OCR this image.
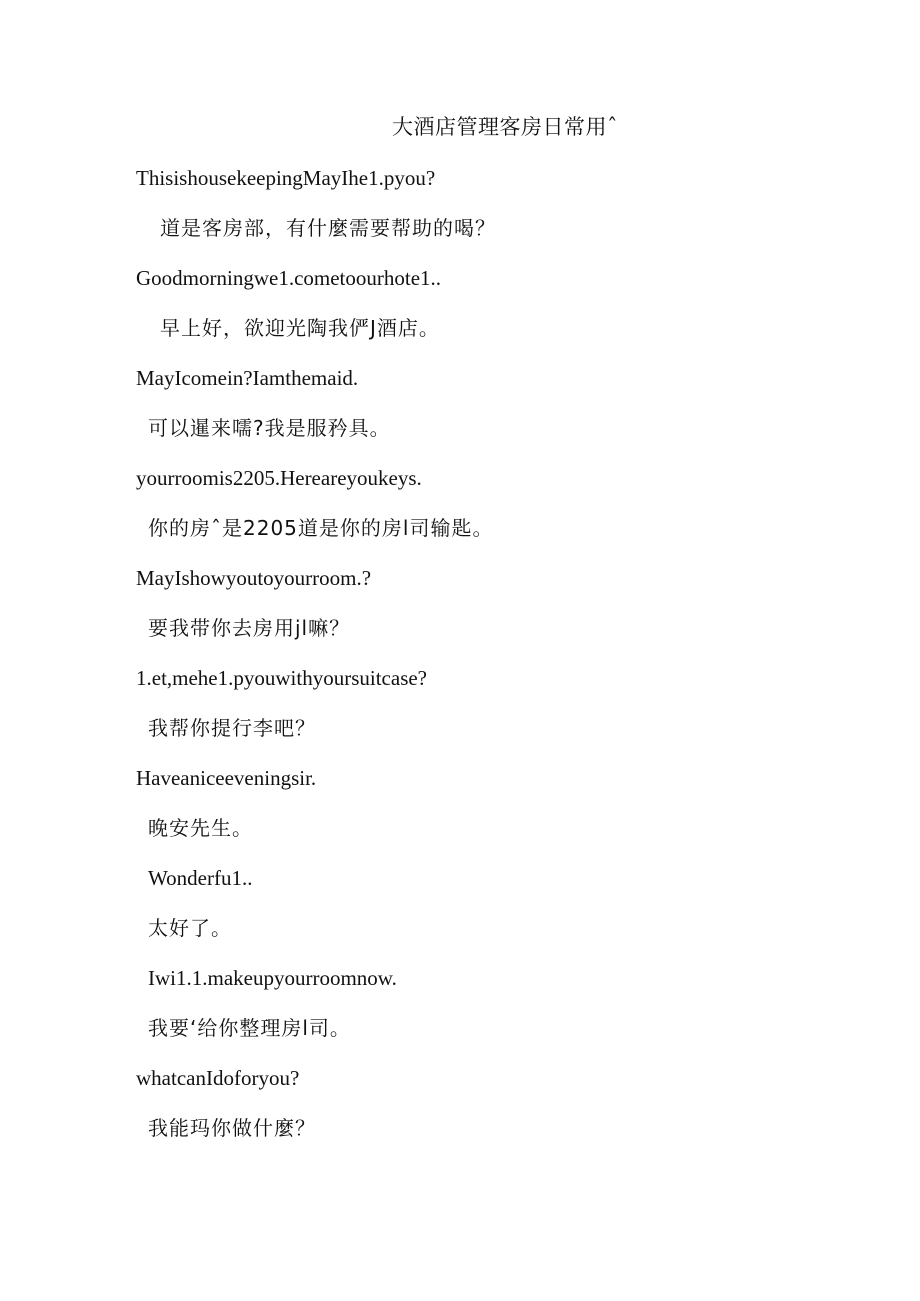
大酒店管理客房日常用ˆ
ThisishousekeepingMayIhe1.pyou?
道是客房部，有什麼需要帮助的喝？
Goodmorningwe1.cometoourhote1..
早上好，欲迎光陶我俨J酒店。
MayIcomein?Iamthemaid.
可以暹来嚅?我是服矜具。
yourroomis2205.Hereareyoukeys.
你的房ˆ是2205道是你的房l司输匙。
MayIshowyoutoyourroom.?
要我带你去房用jl嘛？
1.et,mehe1.pyouwithyoursuitcase?
我帮你提行李吧？
Haveaniceeveningsir.
晚安先生。
Wonderfu1..
太好了。
Iwi1.1.makeupyourroomnow.
我要‘给你整理房l司。
whatcanIdoforyou?
我能玛你做什麼？
